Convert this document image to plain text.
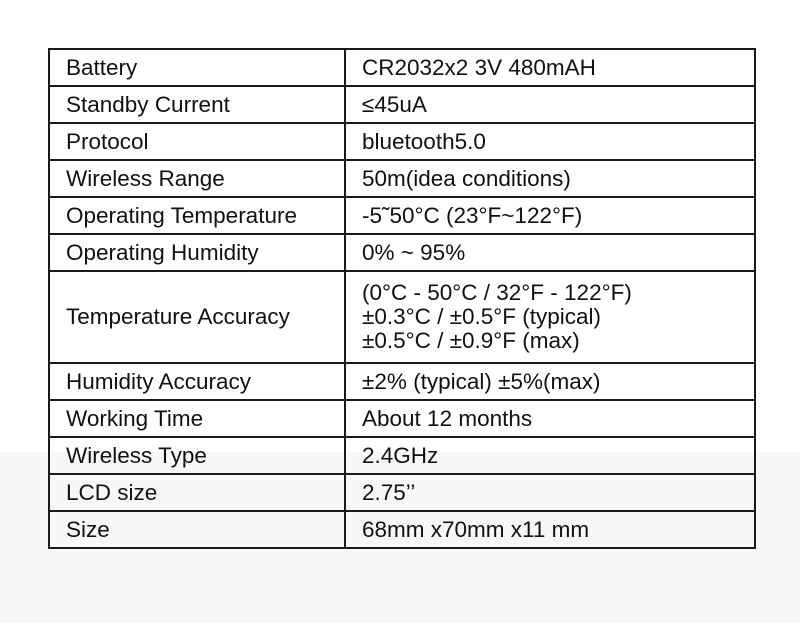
Battery	CR2032x2 3V 480mAH

Standby Current	≤45uA

Protocol	bluetooth5.0

Wireless Range	50m(idea conditions)

Operating Temperature	-5˜50°C (23°F~122°F)

Operating Humidity	0% ~ 95%

Temperature Accuracy	(0°C - 50°C / 32°F - 122°F)
±0.3°C / ±0.5°F (typical)
±0.5°C / ±0.9°F (max)

Humidity Accuracy	±2% (typical) ±5%(max)

Working Time	About 12 months

Wireless Type	2.4GHz

LCD size	2.75’’

Size	68mm x70mm x11 mm
